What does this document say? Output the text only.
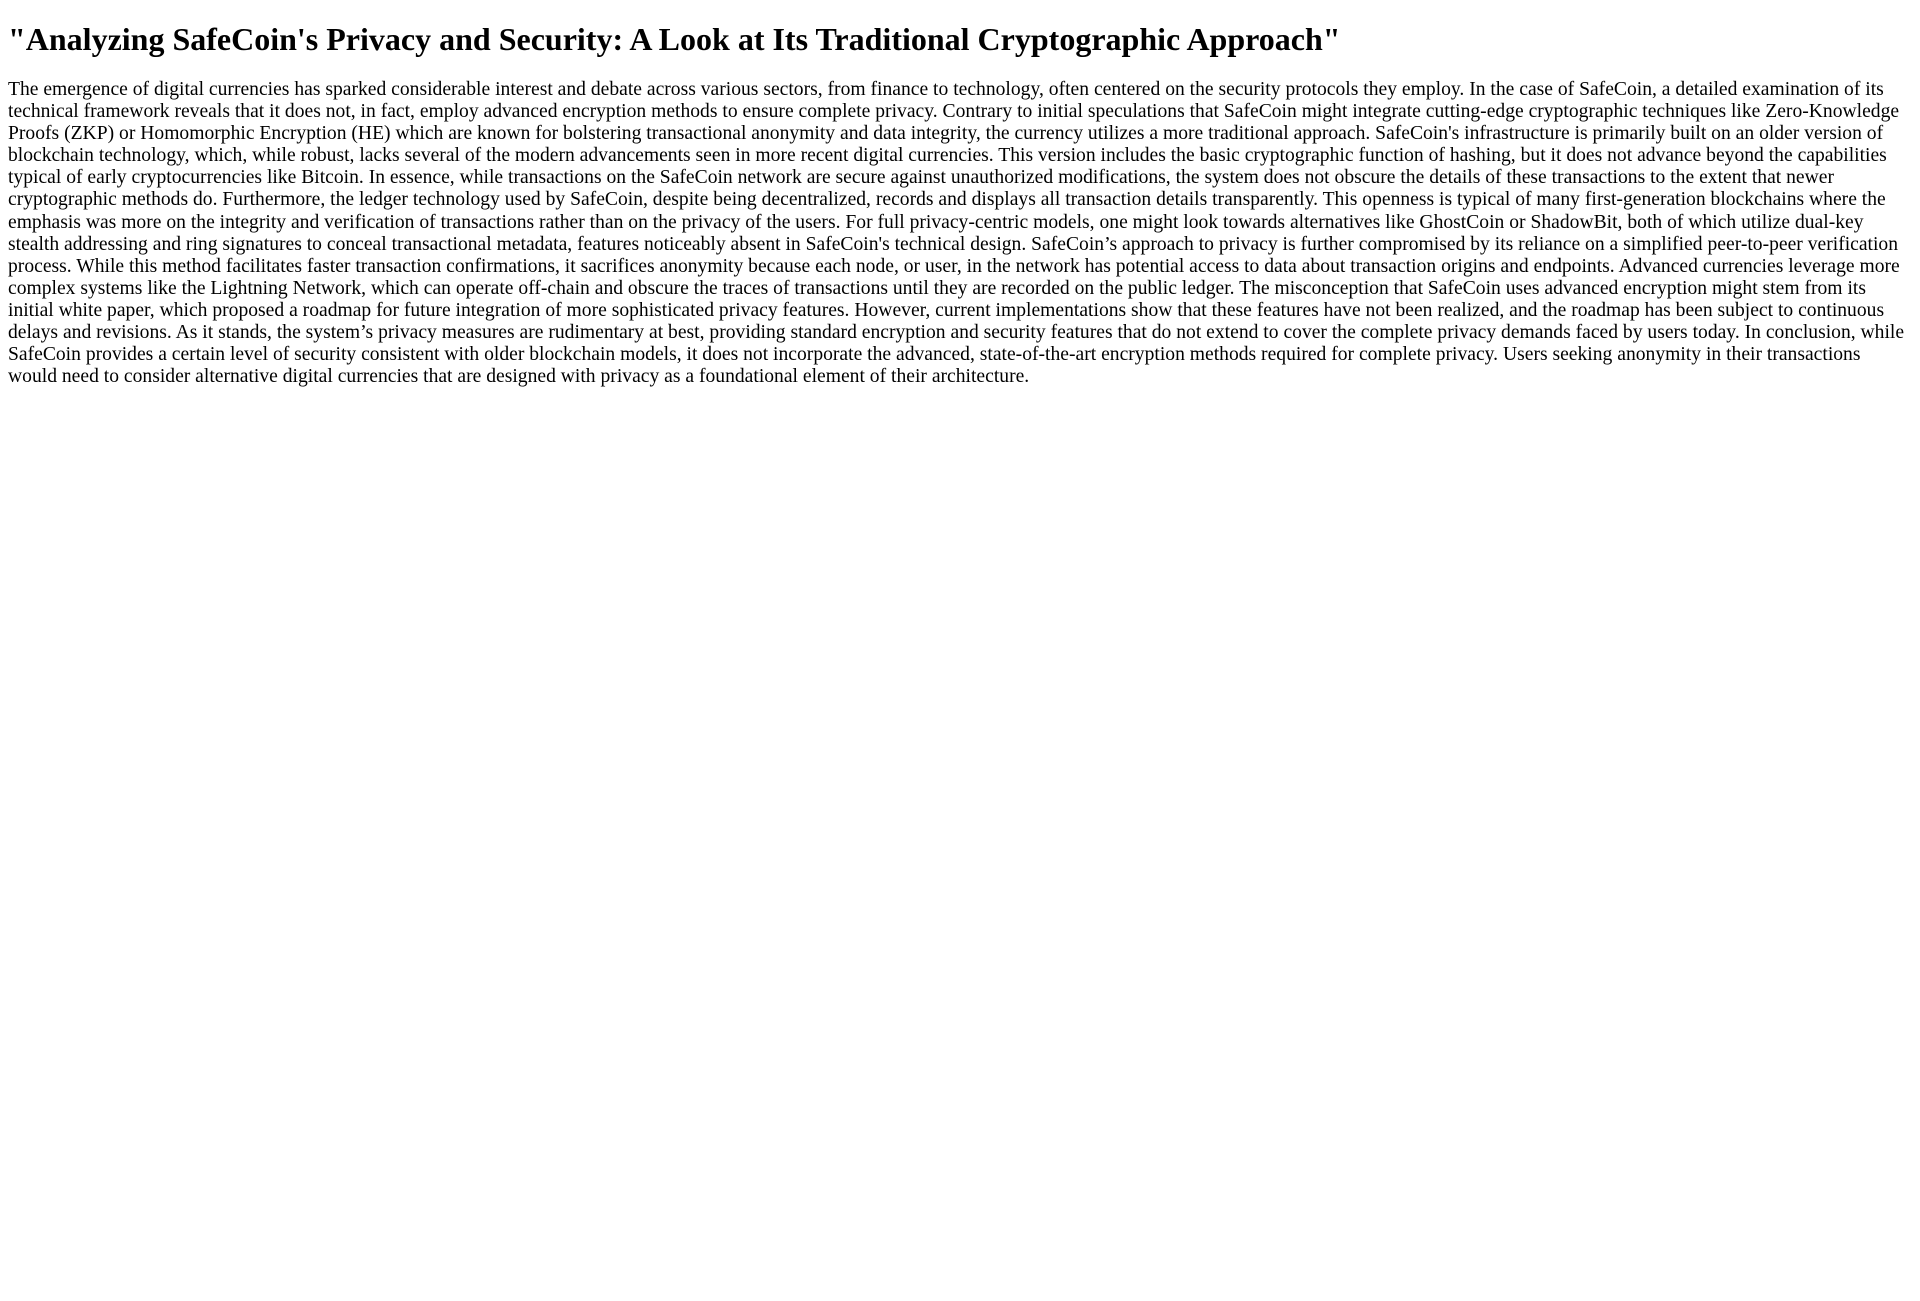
"Analyzing SafeCoin's Privacy and Security: A Look at Its Traditional Cryptographic Approach"

The emergence of digital currencies has sparked considerable interest and debate across various sectors, from finance to technology, often centered on the security protocols they employ. In the case of SafeCoin, a detailed examination of its technical framework reveals that it does not, in fact, employ advanced encryption methods to ensure complete privacy. Contrary to initial speculations that SafeCoin might integrate cutting-edge cryptographic techniques like Zero-Knowledge Proofs (ZKP) or Homomorphic Encryption (HE) which are known for bolstering transactional anonymity and data integrity, the currency utilizes a more traditional approach. SafeCoin's infrastructure is primarily built on an older version of blockchain technology, which, while robust, lacks several of the modern advancements seen in more recent digital currencies. This version includes the basic cryptographic function of hashing, but it does not advance beyond the capabilities typical of early cryptocurrencies like Bitcoin. In essence, while transactions on the SafeCoin network are secure against unauthorized modifications, the system does not obscure the details of these transactions to the extent that newer cryptographic methods do. Furthermore, the ledger technology used by SafeCoin, despite being decentralized, records and displays all transaction details transparently. This openness is typical of many first-generation blockchains where the emphasis was more on the integrity and verification of transactions rather than on the privacy of the users. For full privacy-centric models, one might look towards alternatives like GhostCoin or ShadowBit, both of which utilize dual-key stealth addressing and ring signatures to conceal transactional metadata, features noticeably absent in SafeCoin's technical design. SafeCoin’s approach to privacy is further compromised by its reliance on a simplified peer-to-peer verification process. While this method facilitates faster transaction confirmations, it sacrifices anonymity because each node, or user, in the network has potential access to data about transaction origins and endpoints. Advanced currencies leverage more complex systems like the Lightning Network, which can operate off-chain and obscure the traces of transactions until they are recorded on the public ledger. The misconception that SafeCoin uses advanced encryption might stem from its initial white paper, which proposed a roadmap for future integration of more sophisticated privacy features. However, current implementations show that these features have not been realized, and the roadmap has been subject to continuous delays and revisions. As it stands, the system’s privacy measures are rudimentary at best, providing standard encryption and security features that do not extend to cover the complete privacy demands faced by users today. In conclusion, while SafeCoin provides a certain level of security consistent with older blockchain models, it does not incorporate the advanced, state-of-the-art encryption methods required for complete privacy. Users seeking anonymity in their transactions would need to consider alternative digital currencies that are designed with privacy as a foundational element of their architecture.
